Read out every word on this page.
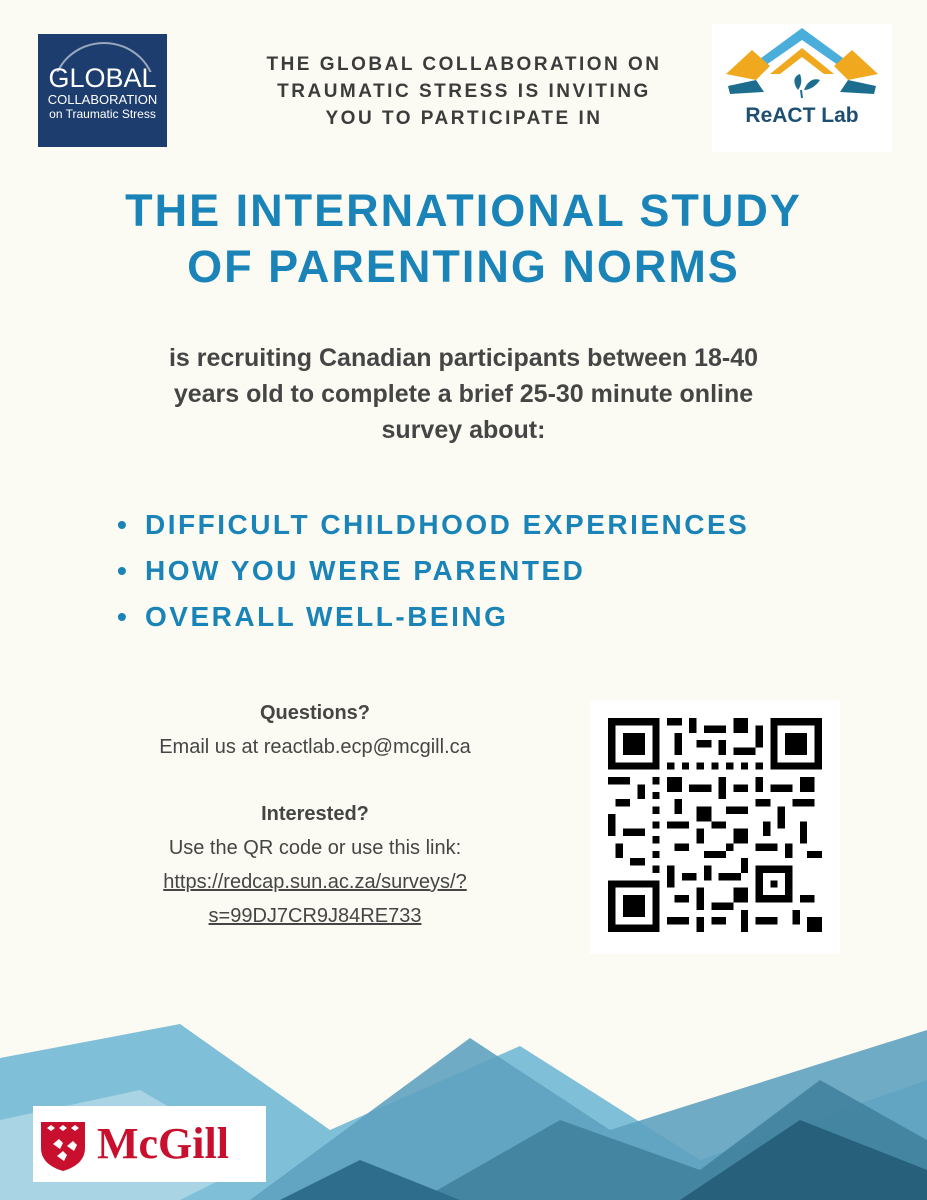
GLOBAL
COLLABORATION
on Traumatic Stress
THE GLOBAL COLLABORATION ON
TRAUMATIC STRESS IS INVITING
YOU TO PARTICIPATE IN	ReACT Lab
THE INTERNATIONAL STUDY
OF PARENTING NORMS
is recruiting Canadian participants between 18-40
years old to complete a brief 25-30 minute online
survey about:
• DIFFICULT CHILDHOOD EXPERIENCES
• HOW YOU WERE PARENTED
• OVERALL WELL-BEING
Questions?
Email us at reactlab.ecp@mcgill.ca
Interested?
Use the QR code or use this link:
https://redcap.sun.ac.za/surveys/?
s=99DJ7CR9J84RE733
McGill
